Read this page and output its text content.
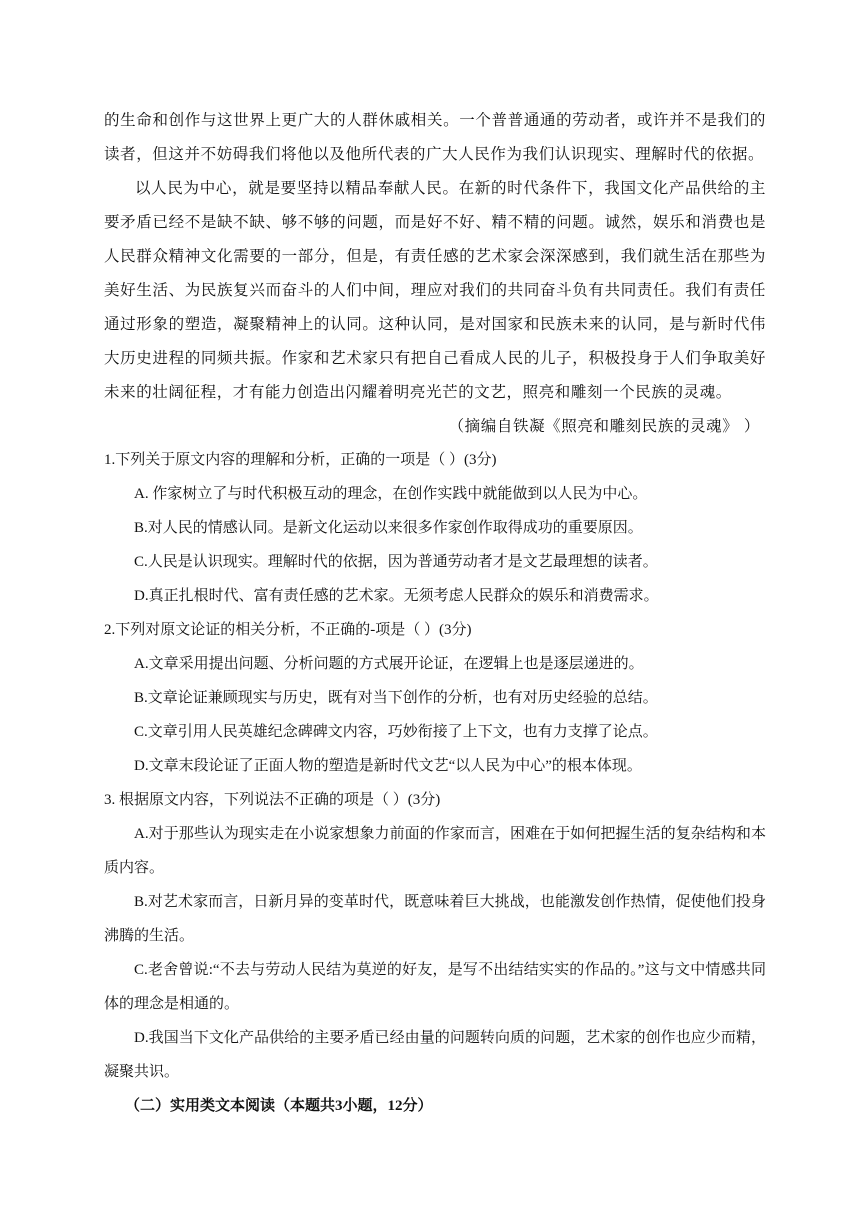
的生命和创作与这世界上更广大的人群休戚相关。一个普普通通的劳动者，或许并不是我们的读者，但这并不妨碍我们将他以及他所代表的广大人民作为我们认识现实、理解时代的依据。

以人民为中心，就是要坚持以精品奉献人民。在新的时代条件下，我国文化产品供给的主要矛盾已经不是缺不缺、够不够的问题，而是好不好、精不精的问题。诚然，娱乐和消费也是人民群众精神文化需要的一部分，但是，有责任感的艺术家会深深感到，我们就生活在那些为美好生活、为民族复兴而奋斗的人们中间，理应对我们的共同奋斗负有共同责任。我们有责任通过形象的塑造，凝聚精神上的认同。这种认同，是对国家和民族未来的认同，是与新时代伟大历史进程的同频共振。作家和艺术家只有把自己看成人民的儿子，积极投身于人们争取美好未来的壮阔征程，才有能力创造出闪耀着明亮光芒的文艺，照亮和雕刻一个民族的灵魂。

（摘编自铁凝《照亮和雕刻民族的灵魂》 ）

1.下列关于原文内容的理解和分析，正确的一项是（ ）(3分)

A. 作家树立了与时代积极互动的理念，在创作实践中就能做到以人民为中心。

B.对人民的情感认同。是新文化运动以来很多作家创作取得成功的重要原因。

C.人民是认识现实。理解时代的依据，因为普通劳动者才是文艺最理想的读者。

D.真正扎根时代、富有责任感的艺术家。无须考虑人民群众的娱乐和消费需求。

2.下列对原文论证的相关分析，不正确的-项是（ ）(3分)

A.文章采用提出问题、分析问题的方式展开论证，在逻辑上也是逐层递进的。

B.文章论证兼顾现实与历史，既有对当下创作的分析，也有对历史经验的总结。

C.文章引用人民英雄纪念碑碑文内容，巧妙衔接了上下文，也有力支撑了论点。

D.文章末段论证了正面人物的塑造是新时代文艺“以人民为中心”的根本体现。

3. 根据原文内容，下列说法不正确的项是（ ）(3分)

A.对于那些认为现实走在小说家想象力前面的作家而言，困难在于如何把握生活的复杂结构和本质内容。

B.对艺术家而言，日新月异的变革时代，既意味着巨大挑战，也能激发创作热情，促使他们投身沸腾的生活。

C.老舍曾说:“不去与劳动人民结为莫逆的好友，是写不出结结实实的作品的。”这与文中情感共同体的理念是相通的。

D.我国当下文化产品供给的主要矛盾已经由量的问题转向质的问题，艺术家的创作也应少而精，凝聚共识。

（二）实用类文本阅读（本题共3小题，12分）
